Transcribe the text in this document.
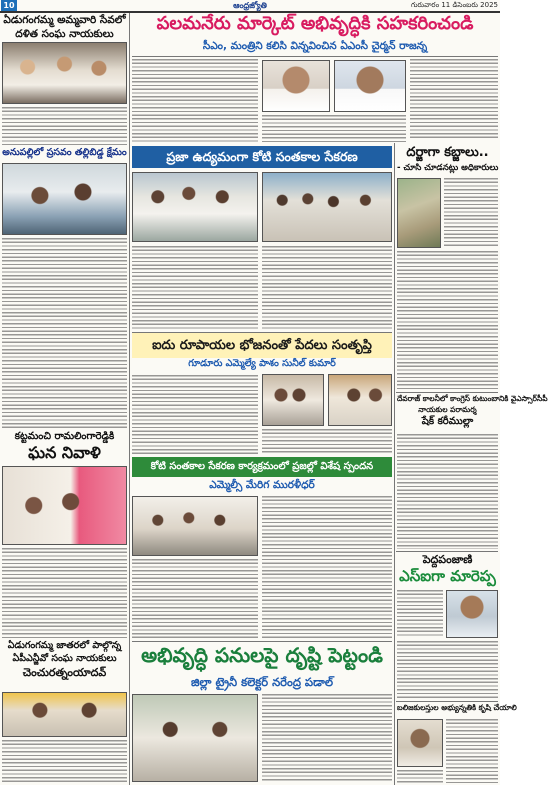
10	ఆంధ్రజ్యోతి	గురువారం 11 డిసెంబరు 2025
ఏడుగంగమ్మ అమ్మవారి సేవలో
దళిత సంఘ నాయకులు
అనుపల్లిలో ప్రసవం తల్లిబిడ్డ క్షేమం
కట్టమంచి రామలింగారెడ్డికి
ఘన నివాళి
ఏడుగంగమ్మ జాతరలో పాల్గొన్న
ఏపీఎన్జీవో సంఘ నాయకులు
చెంచురత్నంయాదవ్
పలమనేరు మార్కెట్ అభివృద్ధికి సహకరించండి
సీఎం, మంత్రిని కలిసి విన్నవించిన ఏఎంసీ చైర్మన్ రాజన్న
ప్రజా ఉద్యమంగా కోటి సంతకాల సేకరణ
ఐదు రూపాయల భోజనంతో పేదలు సంతృప్తి
గూడూరు ఎమ్మెల్యే పాశం సునీల్ కుమార్
కోటి సంతకాల సేకరణ కార్యక్రమంలో ప్రజల్లో విశేష స్పందన
ఎమ్మెల్సీ మేరిగ మురళీధర్
అభివృద్ధి పనులపై దృష్టి పెట్టండి
జిల్లా ట్రైనీ కలెక్టర్ నరేంద్ర పడాల్
దర్జాగా కబ్జాలు..
- చూసి చూడనట్లు అధికారులు
దేవరాజ్ కాలనీలో కాంగ్రెస్ కుటుంబానికి వైఎస్సార్‌సీపీ
నాయకుల పరామర్శ
షేక్ కరీముల్లా
పెద్దపంజాణి
ఎస్ఐగా మారెప్ప
బలిజకులస్తుల అభ్యున్నతికి కృషి చేయాలి
